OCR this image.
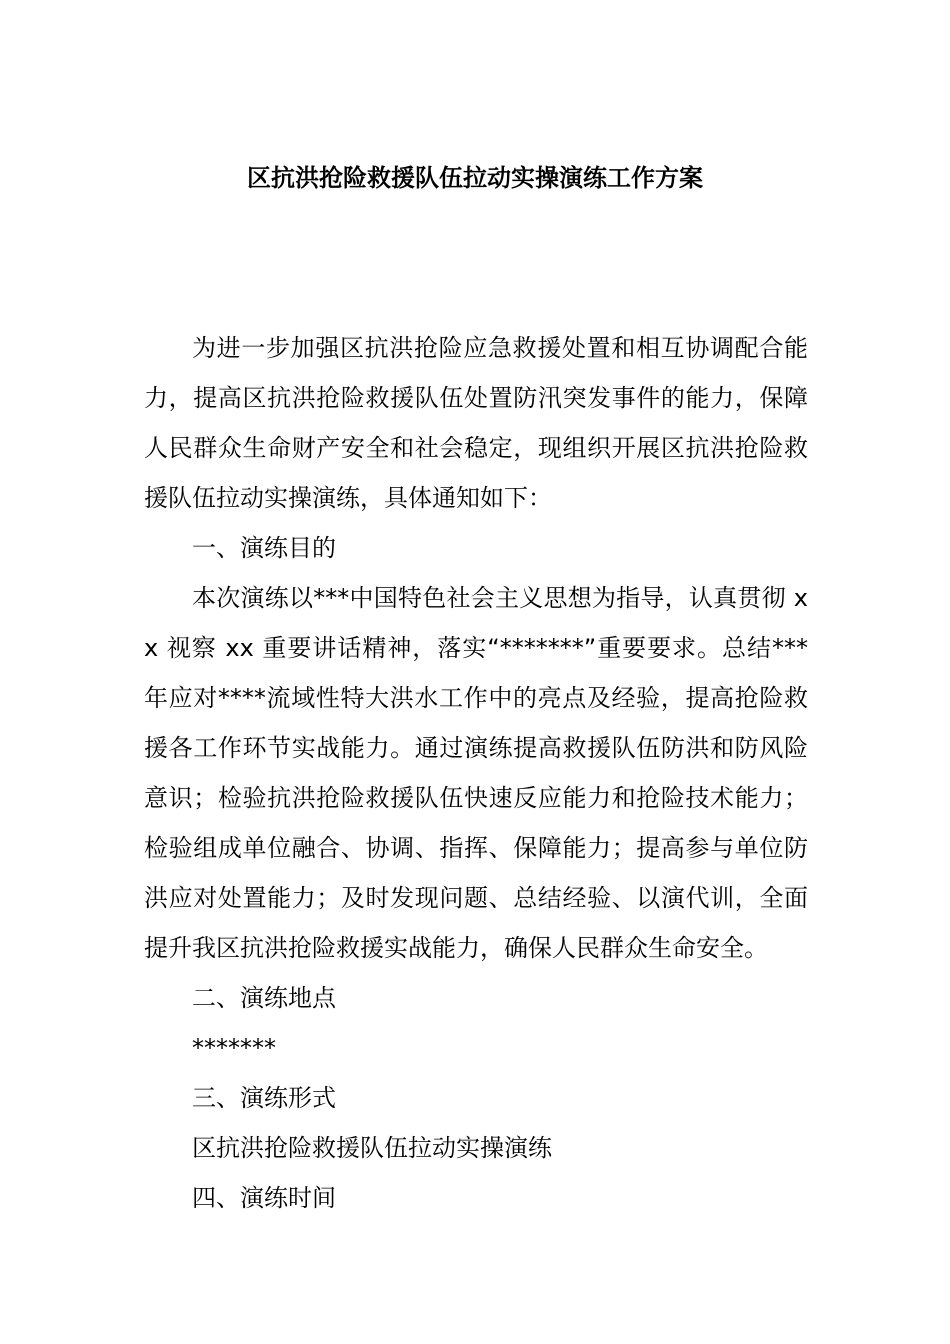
区抗洪抢险救援队伍拉动实操演练工作方案

为进一步加强区抗洪抢险应急救援处置和相互协调配合能力，提高区抗洪抢险救援队伍处置防汛突发事件的能力，保障人民群众生命财产安全和社会稳定，现组织开展区抗洪抢险救援队伍拉动实操演练，具体通知如下：

一、演练目的

本次演练以***中国特色社会主义思想为指导，认真贯彻 xx 视察 xx 重要讲话精神，落实“*******”重要要求。总结***年应对****流域性特大洪水工作中的亮点及经验，提高抢险救援各工作环节实战能力。通过演练提高救援队伍防洪和防风险意识；检验抗洪抢险救援队伍快速反应能力和抢险技术能力；检验组成单位融合、协调、指挥、保障能力；提高参与单位防洪应对处置能力；及时发现问题、总结经验、以演代训，全面提升我区抗洪抢险救援实战能力，确保人民群众生命安全。

二、演练地点

*******

三、演练形式

区抗洪抢险救援队伍拉动实操演练

四、演练时间
